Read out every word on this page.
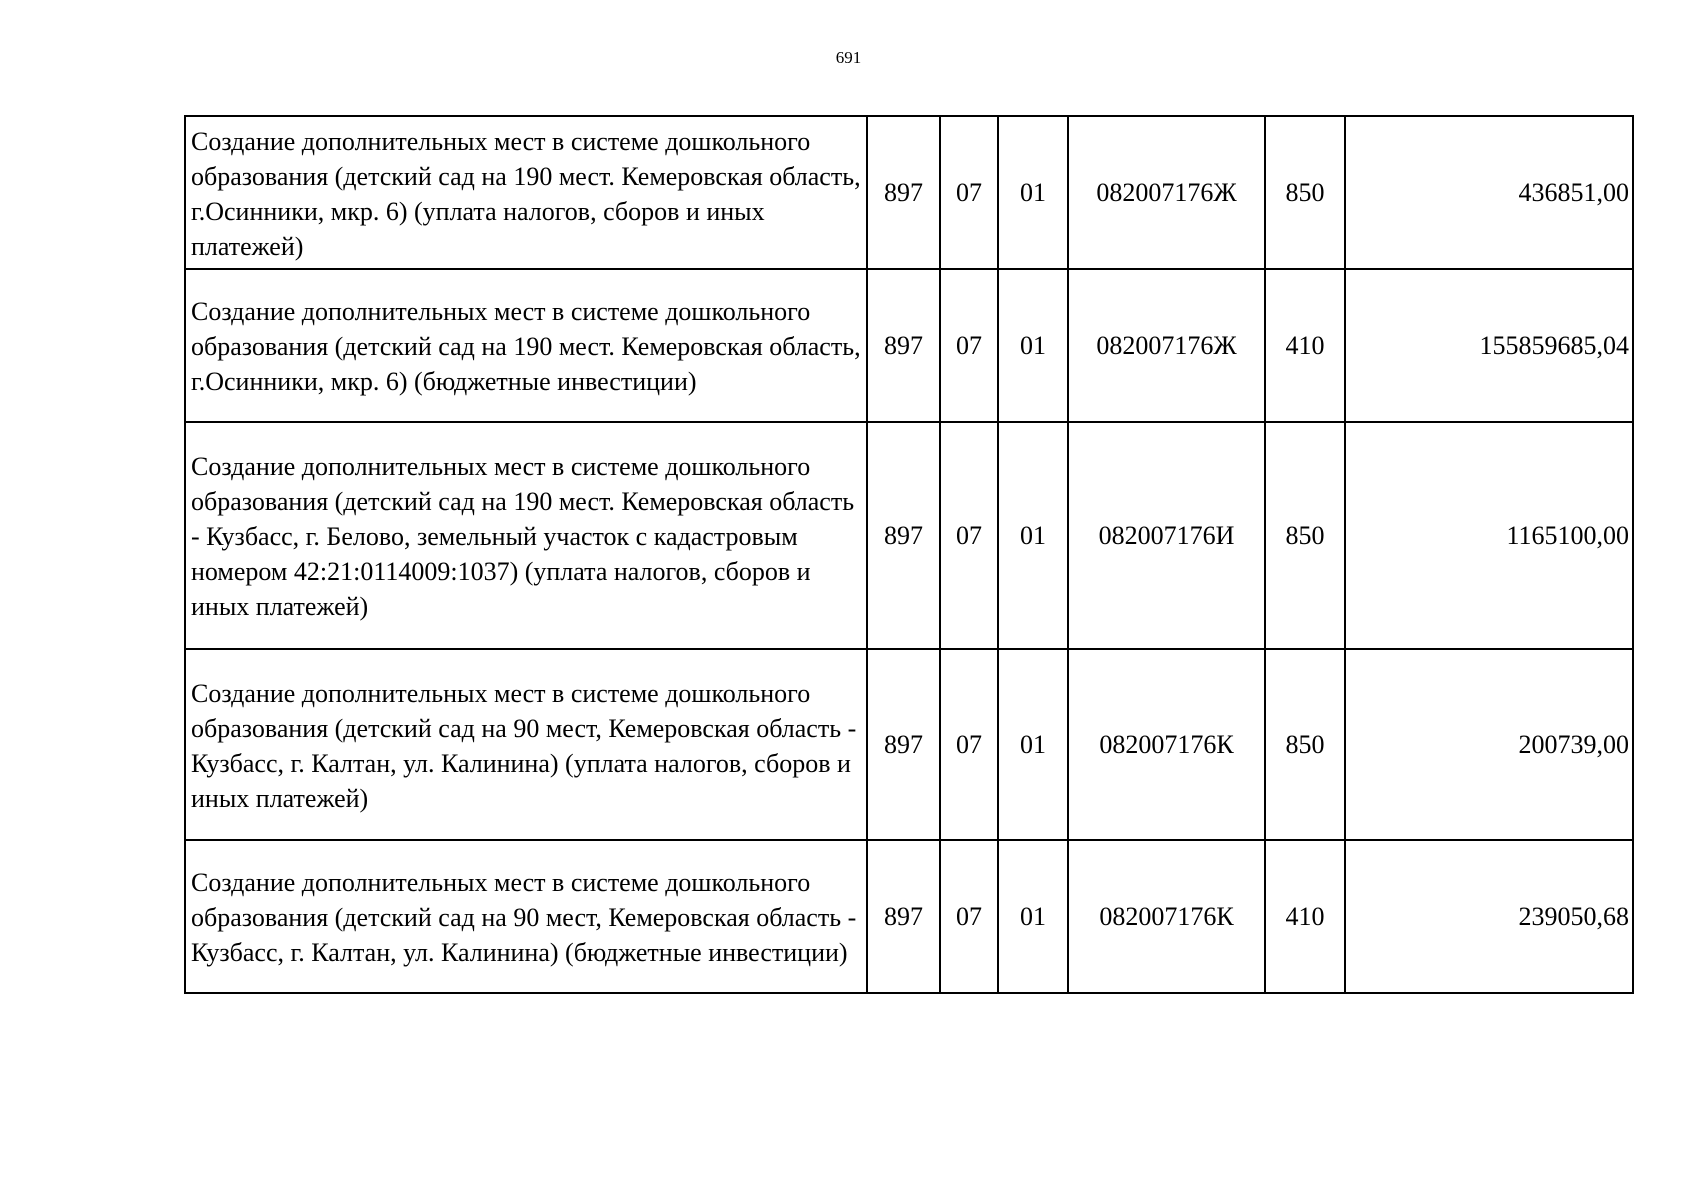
691
Создание дополнительных мест в системе дошкольного образования (детский сад на 190 мест. Кемеровская область, г.Осинники, мкр. 6) (уплата налогов, сборов и иных платежей)	897	07	01	082007176Ж	850	436851,00
Создание дополнительных мест в системе дошкольного образования (детский сад на 190 мест. Кемеровская область, г.Осинники, мкр. 6) (бюджетные инвестиции)	897	07	01	082007176Ж	410	155859685,04
Создание дополнительных мест в системе дошкольного образования (детский сад на 190 мест. Кемеровская область - Кузбасс, г. Белово, земельный участок с кадастровым номером 42:21:0114009:1037) (уплата налогов, сборов и иных платежей)	897	07	01	082007176И	850	1165100,00
Создание дополнительных мест в системе дошкольного образования (детский сад на 90 мест, Кемеровская область - Кузбасс, г. Калтан, ул. Калинина) (уплата налогов, сборов и иных платежей)	897	07	01	082007176К	850	200739,00
Создание дополнительных мест в системе дошкольного образования (детский сад на 90 мест, Кемеровская область - Кузбасс, г. Калтан, ул. Калинина) (бюджетные инвестиции)	897	07	01	082007176К	410	239050,68
